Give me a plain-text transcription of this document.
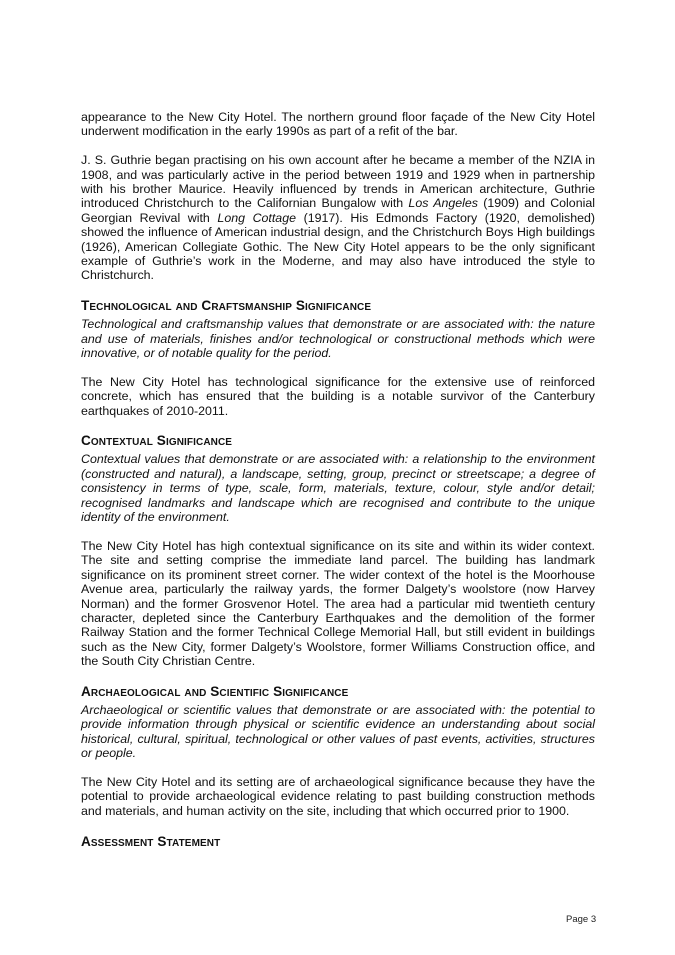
appearance to the New City Hotel. The northern ground floor façade of the New City Hotel underwent modification in the early 1990s as part of a refit of the bar.

J. S. Guthrie began practising on his own account after he became a member of the NZIA in 1908, and was particularly active in the period between 1919 and 1929 when in partnership with his brother Maurice. Heavily influenced by trends in American architecture, Guthrie introduced Christchurch to the Californian Bungalow with Los Angeles (1909) and Colonial Georgian Revival with Long Cottage (1917). His Edmonds Factory (1920, demolished) showed the influence of American industrial design, and the Christchurch Boys High buildings (1926), American Collegiate Gothic. The New City Hotel appears to be the only significant example of Guthrie’s work in the Moderne, and may also have introduced the style to Christchurch.

Technological and Craftsmanship Significance

Technological and craftsmanship values that demonstrate or are associated with: the nature and use of materials, finishes and/or technological or constructional methods which were innovative, or of notable quality for the period.

The New City Hotel has technological significance for the extensive use of reinforced concrete, which has ensured that the building is a notable survivor of the Canterbury earthquakes of 2010-2011.

Contextual Significance

Contextual values that demonstrate or are associated with: a relationship to the environment (constructed and natural), a landscape, setting, group, precinct or streetscape; a degree of consistency in terms of type, scale, form, materials, texture, colour, style and/or detail; recognised landmarks and landscape which are recognised and contribute to the unique identity of the environment.

The New City Hotel has high contextual significance on its site and within its wider context. The site and setting comprise the immediate land parcel. The building has landmark significance on its prominent street corner. The wider context of the hotel is the Moorhouse Avenue area, particularly the railway yards, the former Dalgety’s woolstore (now Harvey Norman) and the former Grosvenor Hotel. The area had a particular mid twentieth century character, depleted since the Canterbury Earthquakes and the demolition of the former Railway Station and the former Technical College Memorial Hall, but still evident in buildings such as the New City, former Dalgety’s Woolstore, former Williams Construction office, and the South City Christian Centre.

Archaeological and Scientific Significance

Archaeological or scientific values that demonstrate or are associated with: the potential to provide information through physical or scientific evidence an understanding about social historical, cultural, spiritual, technological or other values of past events, activities, structures or people.

The New City Hotel and its setting are of archaeological significance because they have the potential to provide archaeological evidence relating to past building construction methods and materials, and human activity on the site, including that which occurred prior to 1900.

Assessment Statement
Page 3
